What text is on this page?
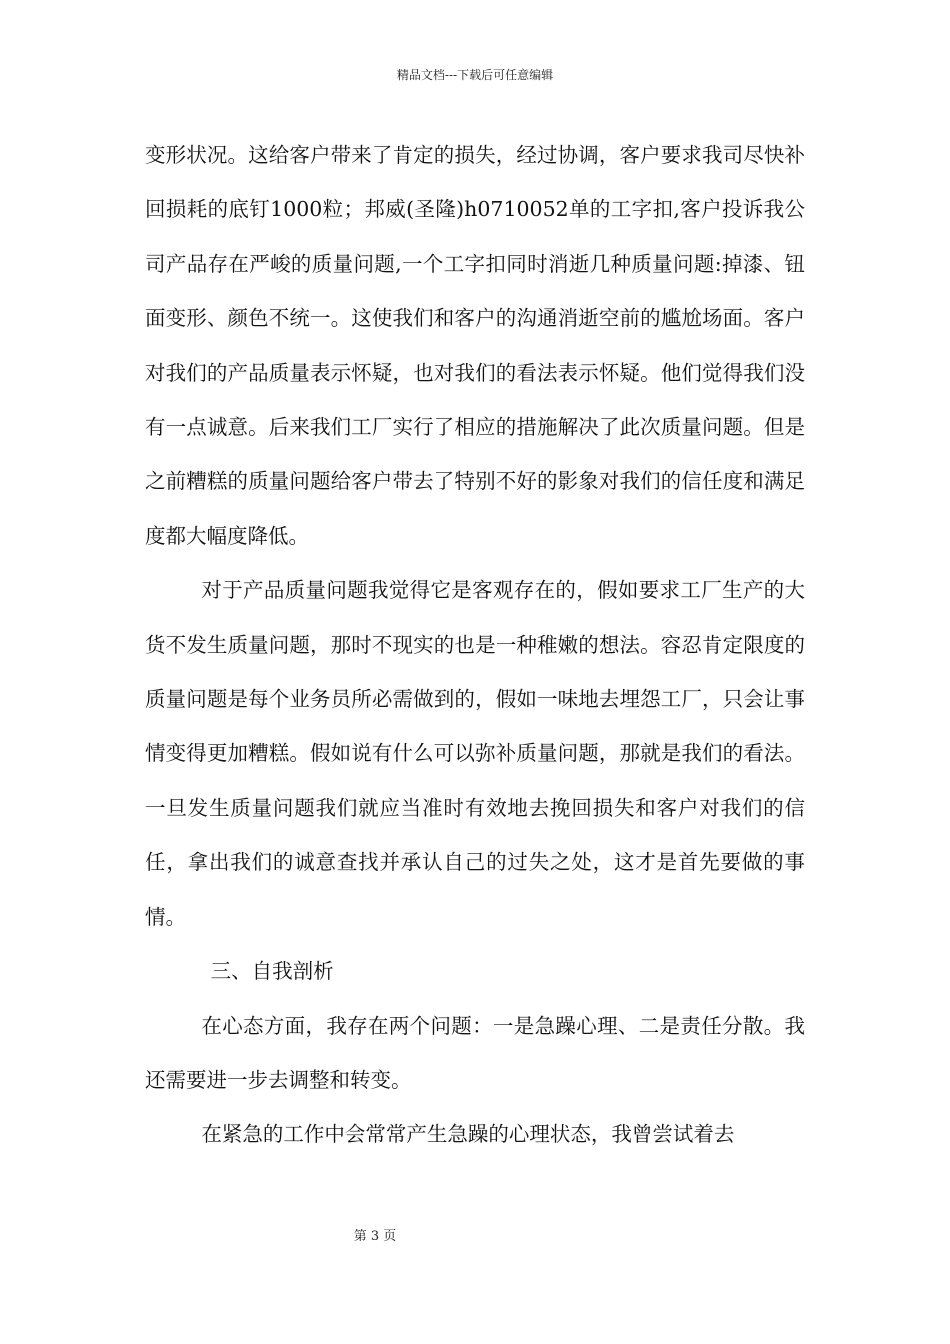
精品文档---下载后可任意编辑

变形状况。这给客户带来了肯定的损失，经过协调，客户要求我司尽快补回损耗的底钉1000粒；邦威(圣隆)h0710052单的工字扣,客户投诉我公司产品存在严峻的质量问题,一个工字扣同时消逝几种质量问题:掉漆、钮面变形、颜色不统一。这使我们和客户的沟通消逝空前的尴尬场面。客户对我们的产品质量表示怀疑，也对我们的看法表示怀疑。他们觉得我们没有一点诚意。后来我们工厂实行了相应的措施解决了此次质量问题。但是之前糟糕的质量问题给客户带去了特别不好的影象对我们的信任度和满足度都大幅度降低。

对于产品质量问题我觉得它是客观存在的，假如要求工厂生产的大货不发生质量问题，那时不现实的也是一种稚嫩的想法。容忍肯定限度的质量问题是每个业务员所必需做到的，假如一味地去埋怨工厂，只会让事情变得更加糟糕。假如说有什么可以弥补质量问题，那就是我们的看法。一旦发生质量问题我们就应当准时有效地去挽回损失和客户对我们的信任，拿出我们的诚意查找并承认自己的过失之处，这才是首先要做的事情。

三、自我剖析

在心态方面，我存在两个问题：一是急躁心理、二是责任分散。我还需要进一步去调整和转变。

在紧急的工作中会常常产生急躁的心理状态，我曾尝试着去

第 3 页
